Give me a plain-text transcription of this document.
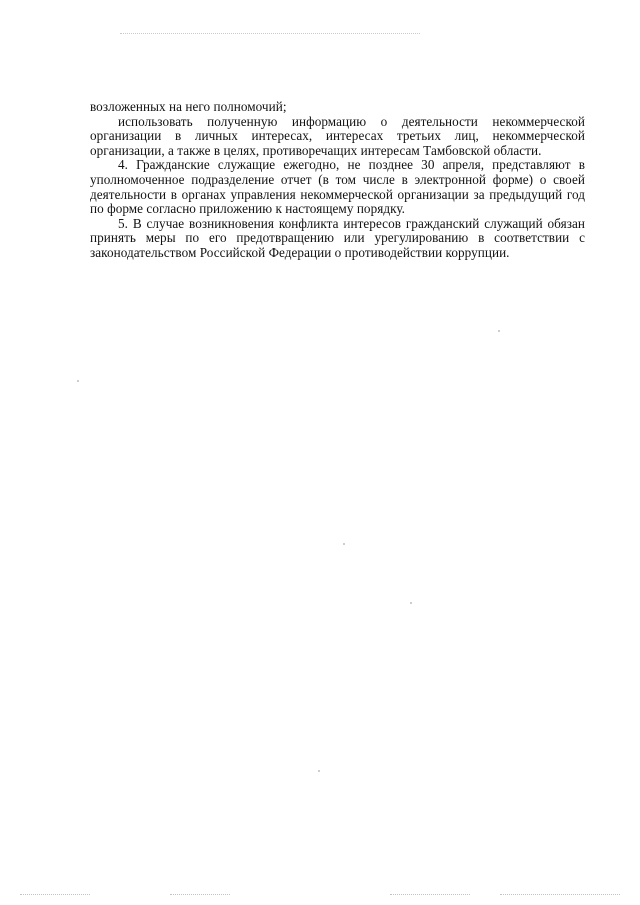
возложенных на него полномочий;

использовать полученную информацию о деятельности некоммерческой организации в личных интересах, интересах третьих лиц, некоммерческой организации, а также в целях, противоречащих интересам Тамбовской области.

4. Гражданские служащие ежегодно, не позднее 30 апреля, представляют в уполномоченное подразделение отчет (в том числе в электронной форме) о своей деятельности в органах управления некоммерческой организации за предыдущий год по форме согласно приложению к настоящему порядку.

5. В случае возникновения конфликта интересов гражданский служащий обязан принять меры по его предотвращению или урегулированию в соответствии с законодательством Российской Федерации о противодействии коррупции.
